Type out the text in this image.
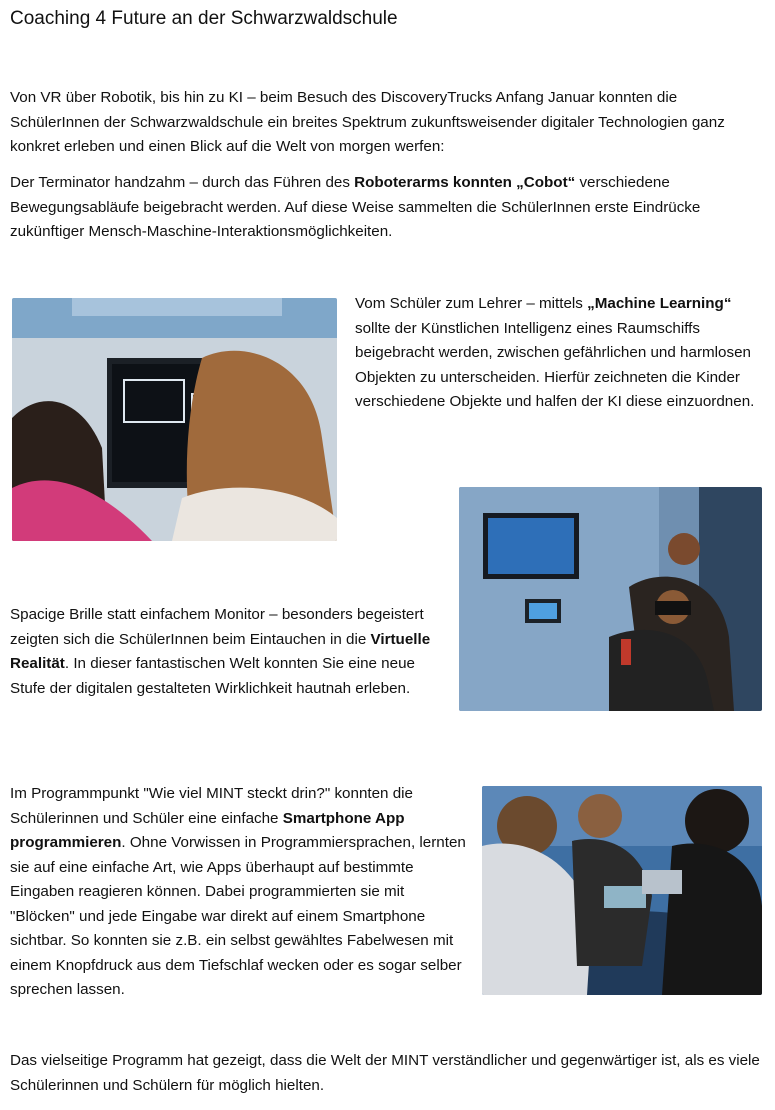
Coaching 4 Future an der Schwarzwaldschule
Von VR über Robotik, bis hin zu KI – beim Besuch des DiscoveryTrucks Anfang Januar konnten die SchülerInnen der Schwarzwaldschule ein breites Spektrum zukunftsweisender digitaler Technologien ganz konkret erleben und einen Blick auf die Welt von morgen werfen:
Der Terminator handzahm – durch das Führen des Roboterarms konnten „Cobot“ verschiedene Bewegungsabläufe beigebracht werden. Auf diese Weise sammelten die SchülerInnen erste Eindrücke zukünftiger Mensch-Maschine-Interaktionsmöglichkeiten.
Vom Schüler zum Lehrer – mittels „Machine Learning“ sollte der Künstlichen Intelligenz eines Raumschiffs beigebracht werden, zwischen gefährlichen und harmlosen Objekten zu unterscheiden. Hierfür zeichneten die Kinder verschiedene Objekte und halfen der KI diese einzuordnen.
Spacige Brille statt einfachem Monitor – besonders begeistert zeigten sich die SchülerInnen beim Eintauchen in die Virtuelle Realität. In dieser fantastischen Welt konnten Sie eine neue Stufe der digitalen gestalteten Wirklichkeit hautnah erleben.
Im Programmpunkt "Wie viel MINT steckt drin?" konnten die Schülerinnen und Schüler eine einfache Smartphone App programmieren. Ohne Vorwissen in Programmiersprachen, lernten sie auf eine einfache Art, wie Apps überhaupt auf bestimmte Eingaben reagieren können. Dabei programmierten sie mit "Blöcken" und jede Eingabe war direkt auf einem Smartphone sichtbar. So konnten sie z.B. ein selbst gewähltes Fabelwesen mit einem Knopfdruck aus dem Tiefschlaf wecken oder es sogar selber sprechen lassen.
Das vielseitige Programm hat gezeigt, dass die Welt der MINT verständlicher und gegenwärtiger ist, als es viele Schülerinnen und Schülern für möglich hielten.
